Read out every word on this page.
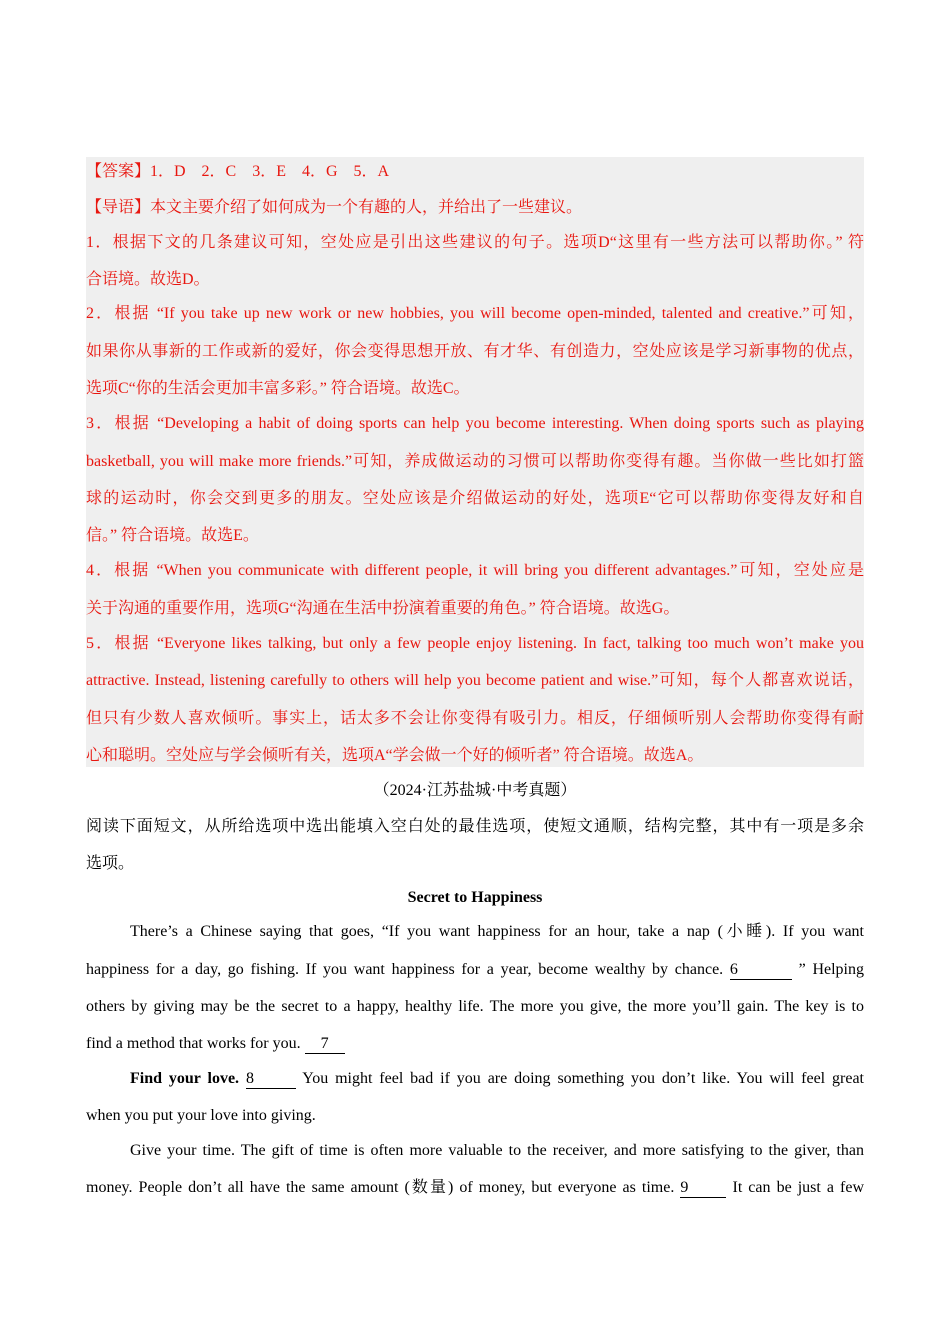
【答案】1．D　2．C　3．E　4．G　5．A
【导语】本文主要介绍了如何成为一个有趣的人，并给出了一些建议。
1．根据下文的几条建议可知，空处应是引出这些建议的句子。选项D“这里有一些方法可以帮助你。” 符
合语境。故选D。
2．根据 “If you take up new work or new hobbies, you will become open-minded, talented and creative.”可知，
如果你从事新的工作或新的爱好，你会变得思想开放、有才华、有创造力，空处应该是学习新事物的优点，
选项C“你的生活会更加丰富多彩。” 符合语境。故选C。
3．根据 “Developing a habit of doing sports can help you become interesting. When doing sports such as playing
basketball, you will make more friends.”可知，养成做运动的习惯可以帮助你变得有趣。当你做一些比如打篮
球的运动时，你会交到更多的朋友。空处应该是介绍做运动的好处，选项E“它可以帮助你变得友好和自
信。” 符合语境。故选E。
4．根据 “When you communicate with different people, it will bring you different advantages.”可知，空处应是
关于沟通的重要作用，选项G“沟通在生活中扮演着重要的角色。” 符合语境。故选G。
5．根据 “Everyone likes talking, but only a few people enjoy listening. In fact, talking too much won’t make you
attractive. Instead, listening carefully to others will help you become patient and wise.”可知，每个人都喜欢说话，
但只有少数人喜欢倾听。事实上，话太多不会让你变得有吸引力。相反，仔细倾听别人会帮助你变得有耐
心和聪明。空处应与学会倾听有关，选项A“学会做一个好的倾听者” 符合语境。故选A。
（2024·江苏盐城·中考真题）
阅读下面短文，从所给选项中选出能填入空白处的最佳选项，使短文通顺，结构完整，其中有一项是多余
选项。
Secret to Happiness
There’s a Chinese saying that goes, “If you want happiness for an hour, take a nap (小睡). If you want
happiness for a day, go fishing. If you want happiness for a year, become wealthy by chance. 6	” Helping
others by giving may be the secret to a happy, healthy life. The more you give, the more you’ll gain. The key is to
find a method that works for you. 7
Find your love. 8	You might feel bad if you are doing something you don’t like. You will feel great
when you put your love into giving.
Give your time. The gift of time is often more valuable to the receiver, and more satisfying to the giver, than
money. People don’t all have the same amount (数量) of money, but everyone as time. 9	It can be just a few
